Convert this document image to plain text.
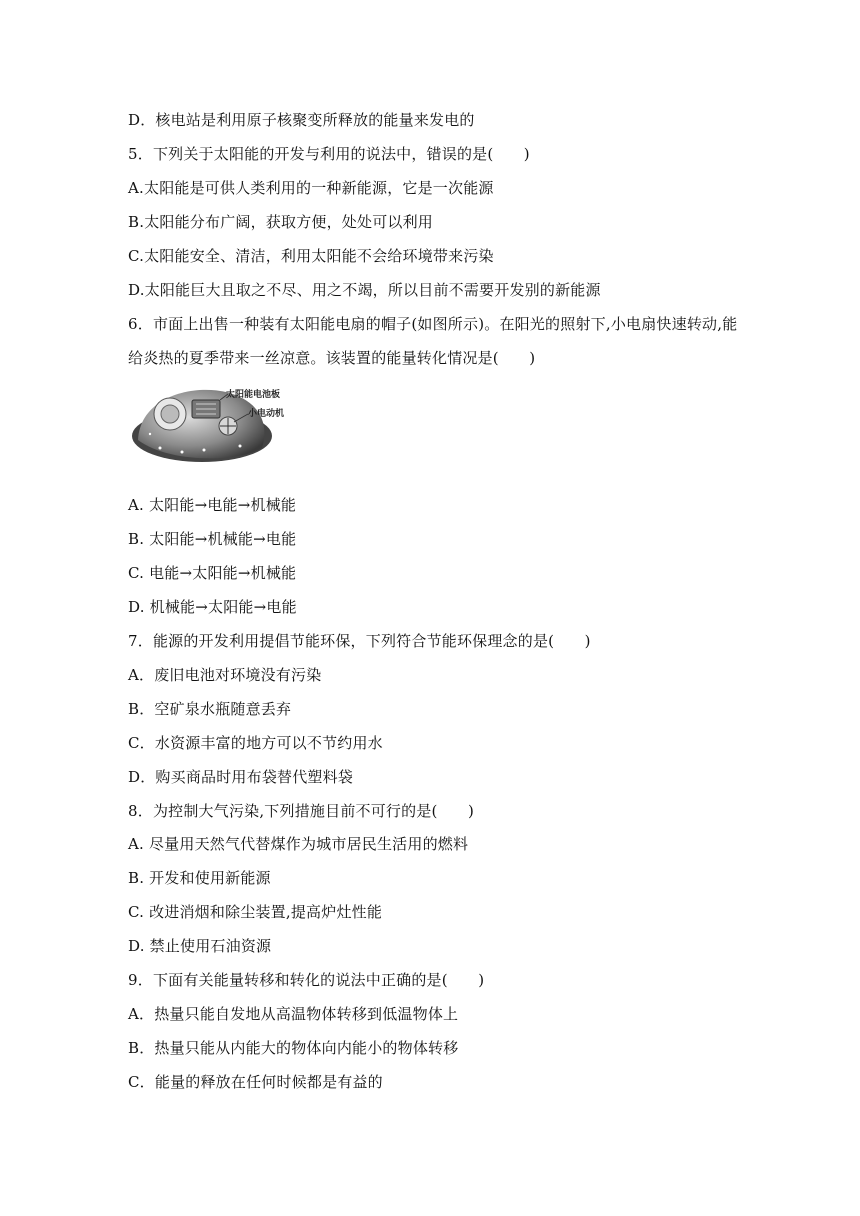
D．核电站是利用原子核聚变所释放的能量来发电的
5．下列关于太阳能的开发与利用的说法中，错误的是(　　)
A.太阳能是可供人类利用的一种新能源，它是一次能源
B.太阳能分布广阔，获取方便，处处可以利用
C.太阳能安全、清洁，利用太阳能不会给环境带来污染
D.太阳能巨大且取之不尽、用之不竭，所以目前不需要开发别的新能源
6．市面上出售一种装有太阳能电扇的帽子(如图所示)。在阳光的照射下,小电扇快速转动,能
给炎热的夏季带来一丝凉意。该装置的能量转化情况是(　　)
太阳能电池板
小电动机
A. 太阳能→电能→机械能
B. 太阳能→机械能→电能
C. 电能→太阳能→机械能
D. 机械能→太阳能→电能
7．能源的开发利用提倡节能环保，下列符合节能环保理念的是(　　)
A．废旧电池对环境没有污染
B．空矿泉水瓶随意丢弃
C．水资源丰富的地方可以不节约用水
D．购买商品时用布袋替代塑料袋
8．为控制大气污染,下列措施目前不可行的是(　　)
A. 尽量用天然气代替煤作为城市居民生活用的燃料
B. 开发和使用新能源
C. 改进消烟和除尘装置,提高炉灶性能
D. 禁止使用石油资源
9．下面有关能量转移和转化的说法中正确的是(　　)
A．热量只能自发地从高温物体转移到低温物体上
B．热量只能从内能大的物体向内能小的物体转移
C．能量的释放在任何时候都是有益的
